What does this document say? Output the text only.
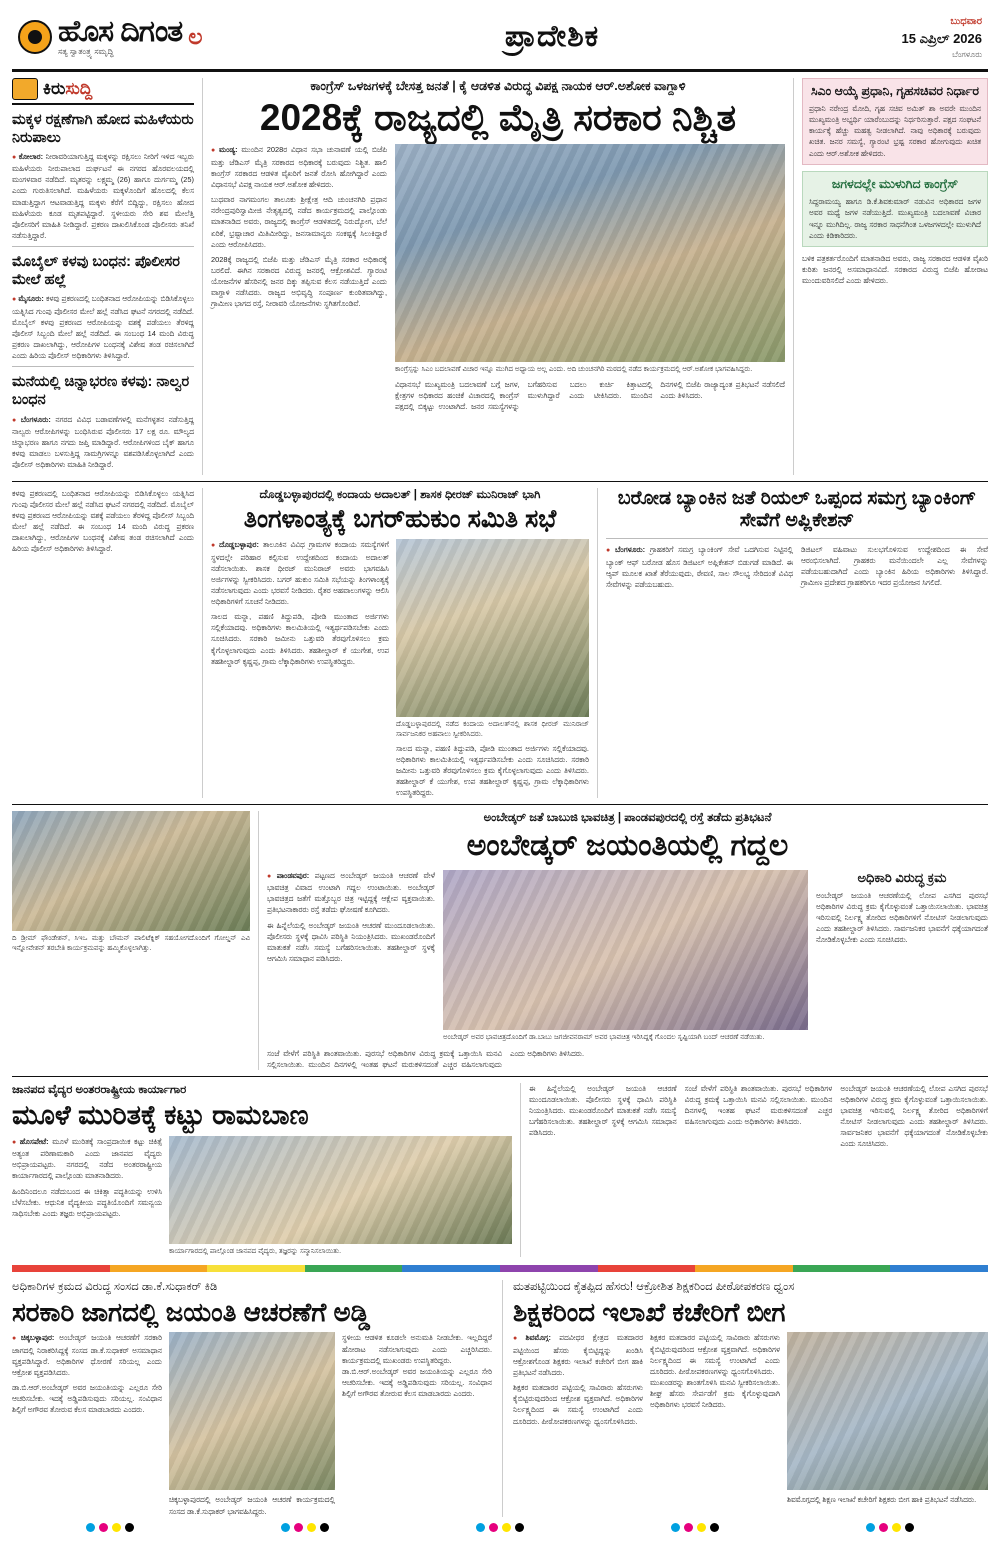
ಹೊಸ ದಿಗಂತ
ಸತ್ಯ ಸ್ವಾತಂತ್ರ್ಯ ಸಮೃದ್ಧಿ
ಲ	ಪ್ರಾದೇಶಿಕ	ಬುಧವಾರ
15 ಎಪ್ರಿಲ್ 2026
ಬೆಂಗಳೂರು
ಕಿರುಸುದ್ದಿ
ಮಕ್ಕಳ ರಕ್ಷಣೆಗಾಗಿ ಹೋದ ಮಹಿಳೆಯರು ನಿರುಪಾಲು

● ಕೋಲಾರ: ನೀರಾವರಿಯಾಗುತ್ತಿದ್ದ ಮಕ್ಕಳನ್ನು ರಕ್ಷಿಸಲು ನೀರಿಗೆ ಇಳಿದ ಇಬ್ಬರು ಮಹಿಳೆಯರು ನೀರುಪಾಲಾದ ದುರ್ಘಟನೆ ಈ ನಗರದ ಹೊರವಲಯದಲ್ಲಿ ಮಂಗಳವಾರ ನಡೆದಿದೆ. ಮೃತರನ್ನು ಲಕ್ಷ್ಮಮ್ಮ (26) ಹಾಗೂ ದುರ್ಗಮ್ಮ (25) ಎಂದು ಗುರುತಿಸಲಾಗಿದೆ. ಮಹಿಳೆಯರು ಮಕ್ಕಳೊಂದಿಗೆ ಹೊಲದಲ್ಲಿ ಕೆಲಸ ಮಾಡುತ್ತಿದ್ದಾಗ ಆಟವಾಡುತ್ತಿದ್ದ ಮಕ್ಕಳು ಕೆರೆಗೆ ಬಿದ್ದಿದ್ದು, ರಕ್ಷಿಸಲು ಹೋದ ಮಹಿಳೆಯರು ಕೂಡ ಮೃತಪಟ್ಟಿದ್ದಾರೆ. ಸ್ಥಳೀಯರು ಸೇರಿ ಶವ ಮೇಲೆತ್ತಿ ಪೊಲೀಸರಿಗೆ ಮಾಹಿತಿ ನೀಡಿದ್ದಾರೆ. ಪ್ರಕರಣ ದಾಖಲಿಸಿಕೊಂಡ ಪೊಲೀಸರು ತನಿಖೆ ನಡೆಸುತ್ತಿದ್ದಾರೆ.

ಮೊಬೈಲ್ ಕಳವು ಬಂಧನ: ಪೊಲೀಸರ ಮೇಲೆ ಹಲ್ಲೆ

● ಮೈಸೂರು: ಕಳವು ಪ್ರಕರಣದಲ್ಲಿ ಬಂಧಿತನಾದ ಆರೋಪಿಯನ್ನು ಬಿಡಿಸಿಕೊಳ್ಳಲು ಯತ್ನಿಸಿದ ಗುಂಪು ಪೊಲೀಸರ ಮೇಲೆ ಹಲ್ಲೆ ನಡೆಸಿದ ಘಟನೆ ನಗರದಲ್ಲಿ ನಡೆದಿದೆ. ಮೊಬೈಲ್ ಕಳವು ಪ್ರಕರಣದ ಆರೋಪಿಯನ್ನು ವಶಕ್ಕೆ ಪಡೆಯಲು ತೆರಳಿದ್ದ ಪೊಲೀಸ್ ಸಿಬ್ಬಂದಿ ಮೇಲೆ ಹಲ್ಲೆ ನಡೆದಿದೆ. ಈ ಸಂಬಂಧ 14 ಮಂದಿ ವಿರುದ್ಧ ಪ್ರಕರಣ ದಾಖಲಾಗಿದ್ದು, ಆರೋಪಿಗಳ ಬಂಧನಕ್ಕೆ ವಿಶೇಷ ತಂಡ ರಚಿಸಲಾಗಿದೆ ಎಂದು ಹಿರಿಯ ಪೊಲೀಸ್ ಅಧಿಕಾರಿಗಳು ತಿಳಿಸಿದ್ದಾರೆ.

ಮನೆಯಲ್ಲಿ ಚಿನ್ನಾಭರಣ ಕಳವು: ನಾಲ್ವರ ಬಂಧನ

● ಬೆಂಗಳೂರು: ನಗರದ ವಿವಿಧ ಬಡಾವಣೆಗಳಲ್ಲಿ ಮನೆಗಳ್ಳತನ ನಡೆಸುತ್ತಿದ್ದ ನಾಲ್ವರು ಆರೋಪಿಗಳನ್ನು ಬಂಧಿಸಿರುವ ಪೊಲೀಸರು 17 ಲಕ್ಷ ರೂ. ಮೌಲ್ಯದ ಚಿನ್ನಾಭರಣ ಹಾಗೂ ನಗದು ಜಪ್ತಿ ಮಾಡಿದ್ದಾರೆ. ಆರೋಪಿಗಳಿಂದ ಬೈಕ್ ಹಾಗೂ ಕಳವು ಮಾಡಲು ಬಳಸುತ್ತಿದ್ದ ಸಾಮಗ್ರಿಗಳನ್ನೂ ವಶಪಡಿಸಿಕೊಳ್ಳಲಾಗಿದೆ ಎಂದು ಪೊಲೀಸ್ ಅಧಿಕಾರಿಗಳು ಮಾಹಿತಿ ನೀಡಿದ್ದಾರೆ.

ಕಾಂಗ್ರೆಸ್ ಒಳಜಗಳಕ್ಕೆ ಬೇಸತ್ತ ಜನತೆ | ಕೈ ಆಡಳಿತ ವಿರುದ್ಧ ವಿಪಕ್ಷ ನಾಯಕ ಆರ್.ಅಶೋಕ ವಾಗ್ದಾಳಿ
2028ಕ್ಕೆ ರಾಜ್ಯದಲ್ಲಿ ಮೈತ್ರಿ ಸರಕಾರ ನಿಶ್ಚಿತ

● ಮಂಡ್ಯ: ಮುಂದಿನ 2028ರ ವಿಧಾನ ಸಭಾ ಚುನಾವಣೆ ಯಲ್ಲಿ ಬಿಜೆಪಿ ಮತ್ತು ಜೆಡಿಎಸ್ ಮೈತ್ರಿ ಸರಕಾರದ ಅಧಿಕಾರಕ್ಕೆ ಬರುವುದು ನಿಶ್ಚಿತ. ಹಾಲಿ ಕಾಂಗ್ರೆಸ್ ಸರಕಾರದ ಆಡಳಿತ ವೈಖರಿಗೆ ಜನತೆ ರೋಸಿ ಹೋಗಿದ್ದಾರೆ ಎಂದು ವಿಧಾನಸಭೆ ವಿಪಕ್ಷ ನಾಯಕ ಆರ್.ಅಶೋಕ ಹೇಳಿದರು.

ಬುಧವಾರ ನಾಗಮಂಗಲ ತಾಲೂಕು ಶ್ರೀಕ್ಷೇತ್ರ ಆದಿ ಚುಂಚನಗಿರಿ ಪ್ರಧಾನ ನರೇಂದ್ರಪುರಿಸ್ವಾಮೀಜಿ ನೇತೃತ್ವದಲ್ಲಿ ನಡೆದ ಕಾರ್ಯಕ್ರಮದಲ್ಲಿ ಪಾಲ್ಗೊಂಡು ಮಾತನಾಡಿದ ಅವರು, ರಾಜ್ಯದಲ್ಲಿ ಕಾಂಗ್ರೆಸ್ ಆಡಳಿತದಲ್ಲಿ ನಿರುದ್ಯೋಗ, ಬೆಲೆ ಏರಿಕೆ, ಭ್ರಷ್ಟಾಚಾರ ಮಿತಿಮೀರಿದ್ದು, ಜನಸಾಮಾನ್ಯರು ಸಂಕಷ್ಟಕ್ಕೆ ಸಿಲುಕಿದ್ದಾರೆ ಎಂದು ಆರೋಪಿಸಿದರು.

2028ಕ್ಕೆ ರಾಜ್ಯದಲ್ಲಿ ಬಿಜೆಪಿ ಮತ್ತು ಜೆಡಿಎಸ್ ಮೈತ್ರಿ ಸರಕಾರ ಅಧಿಕಾರಕ್ಕೆ ಬರಲಿದೆ. ಈಗಿನ ಸರಕಾರದ ವಿರುದ್ಧ ಜನರಲ್ಲಿ ಆಕ್ರೋಶವಿದೆ. ಗ್ಯಾರಂಟಿ ಯೋಜನೆಗಳ ಹೆಸರಿನಲ್ಲಿ ಜನರ ದಿಕ್ಕು ತಪ್ಪಿಸುವ ಕೆಲಸ ನಡೆಯುತ್ತಿದೆ ಎಂದು ವಾಗ್ದಾಳಿ ನಡೆಸಿದರು. ರಾಜ್ಯದ ಅಭಿವೃದ್ಧಿ ಸಂಪೂರ್ಣ ಕುಂಠಿತವಾಗಿದ್ದು, ಗ್ರಾಮೀಣ ಭಾಗದ ರಸ್ತೆ, ನೀರಾವರಿ ಯೋಜನೆಗಳು ಸ್ಥಗಿತಗೊಂಡಿವೆ.

ಕಾಂಗ್ರೆಸ್ಸನ್ನು ಸಿಎಂ ಬದಲಾವಣೆ ವಿಚಾರ ಇನ್ನೂ ಮುಗಿದ ಅಧ್ಯಾಯ ಅಲ್ಲ ಎಂದು. ಅದಿ ಚುಂಚನಗಿರಿ ಮಠದಲ್ಲಿ ನಡೆದ ಕಾರ್ಯಕ್ರಮದಲ್ಲಿ ಆರ್.ಅಶೋಕ ಭಾಗವಹಿಸಿದ್ದರು.

ವಿಧಾನಸಭೆ ಮುಖ್ಯಮಂತ್ರಿ ಬದಲಾವಣೆ ಬಗ್ಗೆ ಜಗಳ, ಕ್ಷೇತ್ರಗಳ ಅಧಿಕಾರದ ಹಂಚಿಕೆ ವಿಚಾರದಲ್ಲಿ ಕಾಂಗ್ರೆಸ್ ಪಕ್ಷದಲ್ಲಿ ಬಿಕ್ಕಟ್ಟು ಉಂಟಾಗಿದೆ. ಜನರ ಸಮಸ್ಯೆಗಳನ್ನು ಬಗೆಹರಿಸುವ ಬದಲು ಕುರ್ಚಿ ಕಿತ್ತಾಟದಲ್ಲಿ ಮುಳುಗಿದ್ದಾರೆ ಎಂದು ಟೀಕಿಸಿದರು. ಮುಂದಿನ ದಿನಗಳಲ್ಲಿ ಬಿಜೆಪಿ ರಾಜ್ಯಾದ್ಯಂತ ಪ್ರತಿಭಟನೆ ನಡೆಸಲಿದೆ ಎಂದು ತಿಳಿಸಿದರು.

ಸಿಎಂ ಆಯ್ಕೆ ಪ್ರಧಾನಿ, ಗೃಹಸಚಿವರ ನಿರ್ಧಾರ
ಪ್ರಧಾನಿ ನರೇಂದ್ರ ಮೋದಿ, ಗೃಹ ಸಚಿವ ಅಮಿತ್ ಶಾ ಅವರೇ ಮುಂದಿನ ಮುಖ್ಯಮಂತ್ರಿ ಅಭ್ಯರ್ಥಿ ಯಾರೆಂಬುದನ್ನು ನಿರ್ಧರಿಸುತ್ತಾರೆ. ಪಕ್ಷದ ಸಂಘಟನೆ ಕಾರ್ಯಕ್ಕೆ ಹೆಚ್ಚು ಮಹತ್ವ ನೀಡಲಾಗಿದೆ. ನಾವು ಅಧಿಕಾರಕ್ಕೆ ಬರುವುದು ಖಚಿತ. ಜನರ ಸಮಸ್ಯೆ, ಗ್ಯಾರಂಟಿ ಭ್ರಷ್ಟ ಸರಕಾರ ಹೋಗುವುದು ಖಚಿತ ಎಂದು ಆರ್.ಅಶೋಕ ಹೇಳಿದರು.
ಜಗಳದಲ್ಲೇ ಮುಳುಗಿದ ಕಾಂಗ್ರೆಸ್
ಸಿದ್ದರಾಮಯ್ಯ ಹಾಗೂ ಡಿ.ಕೆ.ಶಿವಕುಮಾರ್ ನಡುವಿನ ಅಧಿಕಾರದ ಜಗಳ ಅವರ ಮಧ್ಯೆ ಜಗಳ ನಡೆಯುತ್ತಿದೆ. ಮುಖ್ಯಮಂತ್ರಿ ಬದಲಾವಣೆ ವಿಚಾರ ಇನ್ನೂ ಮುಗಿದಿಲ್ಲ. ರಾಜ್ಯ ಸರಕಾರ ಸಾಧನೆಗಿಂತ ಒಳಜಗಳದಲ್ಲೇ ಮುಳುಗಿದೆ ಎಂದು ಕಿಡಿಕಾರಿದರು.
ಬಳಿಕ ಪತ್ರಕರ್ತರೊಂದಿಗೆ ಮಾತನಾಡಿದ ಅವರು, ರಾಜ್ಯ ಸರಕಾರದ ಆಡಳಿತ ವೈಖರಿ ಕುರಿತು ಜನರಲ್ಲಿ ಅಸಮಾಧಾನವಿದೆ. ಸರಕಾರದ ವಿರುದ್ಧ ಬಿಜೆಪಿ ಹೋರಾಟ ಮುಂದುವರಿಸಲಿದೆ ಎಂದು ಹೇಳಿದರು.

ಕಳವು ಪ್ರಕರಣದಲ್ಲಿ ಬಂಧಿತನಾದ ಆರೋಪಿಯನ್ನು ಬಿಡಿಸಿಕೊಳ್ಳಲು ಯತ್ನಿಸಿದ ಗುಂಪು ಪೊಲೀಸರ ಮೇಲೆ ಹಲ್ಲೆ ನಡೆಸಿದ ಘಟನೆ ನಗರದಲ್ಲಿ ನಡೆದಿದೆ. ಮೊಬೈಲ್ ಕಳವು ಪ್ರಕರಣದ ಆರೋಪಿಯನ್ನು ವಶಕ್ಕೆ ಪಡೆಯಲು ತೆರಳಿದ್ದ ಪೊಲೀಸ್ ಸಿಬ್ಬಂದಿ ಮೇಲೆ ಹಲ್ಲೆ ನಡೆದಿದೆ. ಈ ಸಂಬಂಧ 14 ಮಂದಿ ವಿರುದ್ಧ ಪ್ರಕರಣ ದಾಖಲಾಗಿದ್ದು, ಆರೋಪಿಗಳ ಬಂಧನಕ್ಕೆ ವಿಶೇಷ ತಂಡ ರಚಿಸಲಾಗಿದೆ ಎಂದು ಹಿರಿಯ ಪೊಲೀಸ್ ಅಧಿಕಾರಿಗಳು ತಿಳಿಸಿದ್ದಾರೆ.

ದೊಡ್ಡಬಳ್ಳಾಪುರದಲ್ಲಿ ಕಂದಾಯ ಅದಾಲತ್ | ಶಾಸಕ ಧೀರಜ್ ಮುನಿರಾಜ್ ಭಾಗಿ
ತಿಂಗಳಾಂತ್ಯಕ್ಕೆ ಬಗರ್‌ಹುಕುಂ ಸಮಿತಿ ಸಭೆ

● ದೊಡ್ಡಬಳ್ಳಾಪುರ: ತಾಲೂಕಿನ ವಿವಿಧ ಗ್ರಾಮಗಳ ಕಂದಾಯ ಸಮಸ್ಯೆಗಳಿಗೆ ಸ್ಥಳದಲ್ಲೇ ಪರಿಹಾರ ಕಲ್ಪಿಸುವ ಉದ್ದೇಶದಿಂದ ಕಂದಾಯ ಅದಾಲತ್ ನಡೆಸಲಾಯಿತು. ಶಾಸಕ ಧೀರಜ್ ಮುನಿರಾಜ್ ಅವರು ಭಾಗವಹಿಸಿ ಅರ್ಜಿಗಳನ್ನು ಸ್ವೀಕರಿಸಿದರು. ಬಗರ್ ಹುಕುಂ ಸಮಿತಿ ಸಭೆಯನ್ನು ತಿಂಗಳಾಂತ್ಯಕ್ಕೆ ನಡೆಸಲಾಗುವುದು ಎಂದು ಭರವಸೆ ನೀಡಿದರು. ರೈತರ ಅಹವಾಲುಗಳನ್ನು ಆಲಿಸಿ ಅಧಿಕಾರಿಗಳಿಗೆ ಸೂಚನೆ ನೀಡಿದರು.

ಸಾಲದ ಮನ್ನಾ, ಪಹಣಿ ತಿದ್ದುಪಡಿ, ಪೋಡಿ ಮುಂತಾದ ಅರ್ಜಿಗಳು ಸಲ್ಲಿಕೆಯಾದವು. ಅಧಿಕಾರಿಗಳು ಕಾಲಮಿತಿಯಲ್ಲಿ ಇತ್ಯರ್ಥಪಡಿಸಬೇಕು ಎಂದು ಸೂಚಿಸಿದರು. ಸರಕಾರಿ ಜಮೀನು ಒತ್ತುವರಿ ತೆರವುಗೊಳಿಸಲು ಕ್ರಮ ಕೈಗೊಳ್ಳಲಾಗುವುದು ಎಂದು ತಿಳಿಸಿದರು. ತಹಶೀಲ್ದಾರ್ ಕೆ ಯುಗೇಶ, ಉಪ ತಹಶೀಲ್ದಾರ್ ಕೃಷ್ಣಪ್ಪ, ಗ್ರಾಮ ಲೆಕ್ಕಾಧಿಕಾರಿಗಳು ಉಪಸ್ಥಿತರಿದ್ದರು.

ದೊಡ್ಡಬಳ್ಳಾಪುರದಲ್ಲಿ ನಡೆದ ಕಂದಾಯ ಅದಾಲತ್‌ನಲ್ಲಿ ಶಾಸಕ ಧೀರಜ್ ಮುನಿರಾಜ್ ಸಾರ್ವಜನಿಕರ ಅಹವಾಲು ಸ್ವೀಕರಿಸಿದರು.
ಸಾಲದ ಮನ್ನಾ, ಪಹಣಿ ತಿದ್ದುಪಡಿ, ಪೋಡಿ ಮುಂತಾದ ಅರ್ಜಿಗಳು ಸಲ್ಲಿಕೆಯಾದವು. ಅಧಿಕಾರಿಗಳು ಕಾಲಮಿತಿಯಲ್ಲಿ ಇತ್ಯರ್ಥಪಡಿಸಬೇಕು ಎಂದು ಸೂಚಿಸಿದರು. ಸರಕಾರಿ ಜಮೀನು ಒತ್ತುವರಿ ತೆರವುಗೊಳಿಸಲು ಕ್ರಮ ಕೈಗೊಳ್ಳಲಾಗುವುದು ಎಂದು ತಿಳಿಸಿದರು. ತಹಶೀಲ್ದಾರ್ ಕೆ ಯುಗೇಶ, ಉಪ ತಹಶೀಲ್ದಾರ್ ಕೃಷ್ಣಪ್ಪ, ಗ್ರಾಮ ಲೆಕ್ಕಾಧಿಕಾರಿಗಳು ಉಪಸ್ಥಿತರಿದ್ದರು.
ಬರೋಡ ಬ್ಯಾಂಕಿನ ಜತೆ ರಿಯಲ್ ಒಪ್ಪಂದ ಸಮಗ್ರ ಬ್ಯಾಂಕಿಂಗ್ ಸೇವೆಗೆ ಅಪ್ಲಿಕೇಶನ್

● ಬೆಂಗಳೂರು: ಗ್ರಾಹಕರಿಗೆ ಸಮಗ್ರ ಬ್ಯಾಂಕಿಂಗ್ ಸೇವೆ ಒದಗಿಸುವ ನಿಟ್ಟಿನಲ್ಲಿ ಬ್ಯಾಂಕ್ ಆಫ್ ಬರೋಡ ಹೊಸ ಡಿಜಿಟಲ್ ಅಪ್ಲಿಕೇಶನ್ ಬಿಡುಗಡೆ ಮಾಡಿದೆ. ಈ ಆ್ಯಪ್ ಮೂಲಕ ಖಾತೆ ತೆರೆಯುವುದು, ಠೇವಣಿ, ಸಾಲ ಸೌಲಭ್ಯ ಸೇರಿದಂತೆ ವಿವಿಧ ಸೇವೆಗಳನ್ನು ಪಡೆಯಬಹುದು.

ಡಿಜಿಟಲ್ ವಹಿವಾಟು ಸುಲಭಗೊಳಿಸುವ ಉದ್ದೇಶದಿಂದ ಈ ಸೇವೆ ಆರಂಭಿಸಲಾಗಿದೆ. ಗ್ರಾಹಕರು ಮನೆಯಿಂದಲೇ ಎಲ್ಲ ಸೇವೆಗಳನ್ನು ಪಡೆಯಬಹುದಾಗಿದೆ ಎಂದು ಬ್ಯಾಂಕಿನ ಹಿರಿಯ ಅಧಿಕಾರಿಗಳು ತಿಳಿಸಿದ್ದಾರೆ. ಗ್ರಾಮೀಣ ಪ್ರದೇಶದ ಗ್ರಾಹಕರಿಗೂ ಇದರ ಪ್ರಯೋಜನ ಸಿಗಲಿದೆ.

ದಿ ಡ್ರೀಮ್ ಫೌಂಡೇಶನ್, ಸಿಇಒ ಮತ್ತು ಬೌಮನ್ ಪಾಲಿಟೆಕ್ನಿಕ್ ಸಹಯೋಗದೊಂದಿಗೆ ಗೋಲ್ಡನ್ ಎವಿ ಇನ್ನೋವೇಶನ್ ತರಬೇತಿ ಕಾರ್ಯಕ್ರಮವನ್ನು ಹಮ್ಮಿಕೊಳ್ಳಲಾಗಿತ್ತು.
ಅಂಬೇಡ್ಕರ್ ಜತೆ ಬಾಬುಜಿ ಭಾವಚಿತ್ರ | ಪಾಂಡವಪುರದಲ್ಲಿ ರಸ್ತೆ ತಡೆದು ಪ್ರತಿಭಟನೆ
ಅಂಬೇಡ್ಕರ್ ಜಯಂತಿಯಲ್ಲಿ ಗದ್ದಲ

● ಪಾಂಡವಪುರ: ಪಟ್ಟಣದ ಅಂಬೇಡ್ಕರ್ ಜಯಂತಿ ಆಚರಣೆ ವೇಳೆ ಭಾವಚಿತ್ರ ವಿವಾದ ಉಂಟಾಗಿ ಗದ್ದಲ ಉಂಟಾಯಿತು. ಅಂಬೇಡ್ಕರ್ ಭಾವಚಿತ್ರದ ಜತೆಗೆ ಮತ್ತೊಬ್ಬರ ಚಿತ್ರ ಇಟ್ಟಿದ್ದಕ್ಕೆ ಆಕ್ಷೇಪ ವ್ಯಕ್ತವಾಯಿತು. ಪ್ರತಿಭಟನಾಕಾರರು ರಸ್ತೆ ತಡೆದು ಘೋಷಣೆ ಕೂಗಿದರು.

ಈ ಹಿನ್ನೆಲೆಯಲ್ಲಿ ಅಂಬೇಡ್ಕರ್ ಜಯಂತಿ ಆಚರಣೆ ಮುಂದೂಡಲಾಯಿತು. ಪೊಲೀಸರು ಸ್ಥಳಕ್ಕೆ ಧಾವಿಸಿ ಪರಿಸ್ಥಿತಿ ನಿಯಂತ್ರಿಸಿದರು. ಮುಖಂಡರೊಂದಿಗೆ ಮಾತುಕತೆ ನಡೆಸಿ ಸಮಸ್ಯೆ ಬಗೆಹರಿಸಲಾಯಿತು. ತಹಶೀಲ್ದಾರ್ ಸ್ಥಳಕ್ಕೆ ಆಗಮಿಸಿ ಸಮಾಧಾನ ಪಡಿಸಿದರು.

ಅಂಬೇಡ್ಕರ್ ಅವರ ಭಾವಚಿತ್ರದೊಂದಿಗೆ ಡಾ.ಬಾಬು ಜಗಜೀವನರಾಮ್ ಅವರ ಭಾವಚಿತ್ರ ಇರಿಸಿದ್ದಕ್ಕೆ ಗೊಂದಲ ಸೃಷ್ಟಿಯಾಗಿ ಬಂದ್ ಆಚರಣೆ ನಡೆಯಿತು.
ಅಧಿಕಾರಿ ವಿರುದ್ಧ ಕ್ರಮ
ಅಂಬೇಡ್ಕರ್ ಜಯಂತಿ ಆಚರಣೆಯಲ್ಲಿ ಲೋಪ ಎಸಗಿದ ಪುರಸಭೆ ಅಧಿಕಾರಿಗಳ ವಿರುದ್ಧ ಕ್ರಮ ಕೈಗೊಳ್ಳುವಂತೆ ಒತ್ತಾಯಿಸಲಾಯಿತು. ಭಾವಚಿತ್ರ ಇರಿಸುವಲ್ಲಿ ನಿರ್ಲಕ್ಷ್ಯ ತೋರಿದ ಅಧಿಕಾರಿಗಳಿಗೆ ನೋಟಿಸ್ ನೀಡಲಾಗುವುದು ಎಂದು ತಹಶೀಲ್ದಾರ್ ತಿಳಿಸಿದರು. ಸಾರ್ವಜನಿಕರ ಭಾವನೆಗೆ ಧಕ್ಕೆಯಾಗದಂತೆ ನೋಡಿಕೊಳ್ಳಬೇಕು ಎಂದು ಸೂಚಿಸಿದರು.

ಸಂಜೆ ವೇಳೆಗೆ ಪರಿಸ್ಥಿತಿ ಶಾಂತವಾಯಿತು. ಪುರಸಭೆ ಅಧಿಕಾರಿಗಳ ವಿರುದ್ಧ ಕ್ರಮಕ್ಕೆ ಒತ್ತಾಯಿಸಿ ಮನವಿ ಸಲ್ಲಿಸಲಾಯಿತು. ಮುಂದಿನ ದಿನಗಳಲ್ಲಿ ಇಂತಹ ಘಟನೆ ಮರುಕಳಿಸದಂತೆ ಎಚ್ಚರ ವಹಿಸಲಾಗುವುದು ಎಂದು ಅಧಿಕಾರಿಗಳು ತಿಳಿಸಿದರು.

ಜಾನಪದ ವೈದ್ಯರ ಅಂತರರಾಷ್ಟ್ರೀಯ ಕಾರ್ಯಾಗಾರ
ಮೂಳೆ ಮುರಿತಕ್ಕೆ ಕಟ್ಟು ರಾಮಬಾಣ

● ಹೊಸಪೇಟೆ: ಮೂಳೆ ಮುರಿತಕ್ಕೆ ಸಾಂಪ್ರದಾಯಿಕ ಕಟ್ಟು ಚಿಕಿತ್ಸೆ ಅತ್ಯಂತ ಪರಿಣಾಮಕಾರಿ ಎಂದು ಜಾನಪದ ವೈದ್ಯರು ಅಭಿಪ್ರಾಯಪಟ್ಟರು. ನಗರದಲ್ಲಿ ನಡೆದ ಅಂತರರಾಷ್ಟ್ರೀಯ ಕಾರ್ಯಾಗಾರದಲ್ಲಿ ಪಾಲ್ಗೊಂಡು ಮಾತನಾಡಿದರು.

ಹಿಂದಿನಿಂದಲೂ ನಡೆದುಬಂದ ಈ ಚಿಕಿತ್ಸಾ ಪದ್ಧತಿಯನ್ನು ಉಳಿಸಿ ಬೆಳೆಸಬೇಕು. ಆಧುನಿಕ ವೈದ್ಯಕೀಯ ಪದ್ಧತಿಯೊಂದಿಗೆ ಸಮನ್ವಯ ಸಾಧಿಸಬೇಕು ಎಂದು ತಜ್ಞರು ಅಭಿಪ್ರಾಯಪಟ್ಟರು.

ಕಾರ್ಯಾಗಾರದಲ್ಲಿ ಪಾಲ್ಗೊಂಡ ಜಾನಪದ ವೈದ್ಯರು, ತಜ್ಞರನ್ನು ಸನ್ಮಾನಿಸಲಾಯಿತು.

ಈ ಹಿನ್ನೆಲೆಯಲ್ಲಿ ಅಂಬೇಡ್ಕರ್ ಜಯಂತಿ ಆಚರಣೆ ಮುಂದೂಡಲಾಯಿತು. ಪೊಲೀಸರು ಸ್ಥಳಕ್ಕೆ ಧಾವಿಸಿ ಪರಿಸ್ಥಿತಿ ನಿಯಂತ್ರಿಸಿದರು. ಮುಖಂಡರೊಂದಿಗೆ ಮಾತುಕತೆ ನಡೆಸಿ ಸಮಸ್ಯೆ ಬಗೆಹರಿಸಲಾಯಿತು. ತಹಶೀಲ್ದಾರ್ ಸ್ಥಳಕ್ಕೆ ಆಗಮಿಸಿ ಸಮಾಧಾನ ಪಡಿಸಿದರು.

ಸಂಜೆ ವೇಳೆಗೆ ಪರಿಸ್ಥಿತಿ ಶಾಂತವಾಯಿತು. ಪುರಸಭೆ ಅಧಿಕಾರಿಗಳ ವಿರುದ್ಧ ಕ್ರಮಕ್ಕೆ ಒತ್ತಾಯಿಸಿ ಮನವಿ ಸಲ್ಲಿಸಲಾಯಿತು. ಮುಂದಿನ ದಿನಗಳಲ್ಲಿ ಇಂತಹ ಘಟನೆ ಮರುಕಳಿಸದಂತೆ ಎಚ್ಚರ ವಹಿಸಲಾಗುವುದು ಎಂದು ಅಧಿಕಾರಿಗಳು ತಿಳಿಸಿದರು.

ಅಂಬೇಡ್ಕರ್ ಜಯಂತಿ ಆಚರಣೆಯಲ್ಲಿ ಲೋಪ ಎಸಗಿದ ಪುರಸಭೆ ಅಧಿಕಾರಿಗಳ ವಿರುದ್ಧ ಕ್ರಮ ಕೈಗೊಳ್ಳುವಂತೆ ಒತ್ತಾಯಿಸಲಾಯಿತು. ಭಾವಚಿತ್ರ ಇರಿಸುವಲ್ಲಿ ನಿರ್ಲಕ್ಷ್ಯ ತೋರಿದ ಅಧಿಕಾರಿಗಳಿಗೆ ನೋಟಿಸ್ ನೀಡಲಾಗುವುದು ಎಂದು ತಹಶೀಲ್ದಾರ್ ತಿಳಿಸಿದರು. ಸಾರ್ವಜನಿಕರ ಭಾವನೆಗೆ ಧಕ್ಕೆಯಾಗದಂತೆ ನೋಡಿಕೊಳ್ಳಬೇಕು ಎಂದು ಸೂಚಿಸಿದರು.

ಅಧಿಕಾರಿಗಳ ಕ್ರಮದ ವಿರುದ್ಧ ಸಂಸದ ಡಾ.ಕೆ.ಸುಧಾಕರ್ ಕಿಡಿ
ಸರಕಾರಿ ಜಾಗದಲ್ಲಿ ಜಯಂತಿ ಆಚರಣೆಗೆ ಅಡ್ಡಿ

● ಚಿಕ್ಕಬಳ್ಳಾಪುರ: ಅಂಬೇಡ್ಕರ್ ಜಯಂತಿ ಆಚರಣೆಗೆ ಸರಕಾರಿ ಜಾಗದಲ್ಲಿ ನಿರಾಕರಿಸಿದ್ದಕ್ಕೆ ಸಂಸದ ಡಾ.ಕೆ.ಸುಧಾಕರ್ ಅಸಮಾಧಾನ ವ್ಯಕ್ತಪಡಿಸಿದ್ದಾರೆ. ಅಧಿಕಾರಿಗಳ ಧೋರಣೆ ಸರಿಯಲ್ಲ ಎಂದು ಆಕ್ರೋಶ ವ್ಯಕ್ತಪಡಿಸಿದರು.

ಡಾ.ಬಿ.ಆರ್.ಅಂಬೇಡ್ಕರ್ ಅವರ ಜಯಂತಿಯನ್ನು ಎಲ್ಲರೂ ಸೇರಿ ಆಚರಿಸಬೇಕು. ಇದಕ್ಕೆ ಅಡ್ಡಿಪಡಿಸುವುದು ಸರಿಯಲ್ಲ. ಸಂವಿಧಾನ ಶಿಲ್ಪಿಗೆ ಅಗೌರವ ತೋರುವ ಕೆಲಸ ಮಾಡಬಾರದು ಎಂದರು.

ಚಿಕ್ಕಬಳ್ಳಾಪುರದಲ್ಲಿ ಅಂಬೇಡ್ಕರ್ ಜಯಂತಿ ಆಚರಣೆ ಕಾರ್ಯಕ್ರಮದಲ್ಲಿ ಸಂಸದ ಡಾ.ಕೆ.ಸುಧಾಕರ್ ಭಾಗವಹಿಸಿದ್ದರು.
ಸ್ಥಳೀಯ ಆಡಳಿತ ಕೂಡಲೇ ಅನುಮತಿ ನೀಡಬೇಕು. ಇಲ್ಲದಿದ್ದರೆ ಹೋರಾಟ ನಡೆಸಲಾಗುವುದು ಎಂದು ಎಚ್ಚರಿಸಿದರು. ಕಾರ್ಯಕ್ರಮದಲ್ಲಿ ಮುಖಂಡರು ಉಪಸ್ಥಿತರಿದ್ದರು.
ಡಾ.ಬಿ.ಆರ್.ಅಂಬೇಡ್ಕರ್ ಅವರ ಜಯಂತಿಯನ್ನು ಎಲ್ಲರೂ ಸೇರಿ ಆಚರಿಸಬೇಕು. ಇದಕ್ಕೆ ಅಡ್ಡಿಪಡಿಸುವುದು ಸರಿಯಲ್ಲ. ಸಂವಿಧಾನ ಶಿಲ್ಪಿಗೆ ಅಗೌರವ ತೋರುವ ಕೆಲಸ ಮಾಡಬಾರದು ಎಂದರು.
ಮತಪಟ್ಟಿಯಿಂದ ಕೈತಪ್ಪಿದ ಹೆಸರು! ಆಕ್ರೋಶಿತ ಶಿಕ್ಷಕರಿಂದ ಪೀಠೋಪಕರಣ ಧ್ವಂಸ
ಶಿಕ್ಷಕರಿಂದ ಇಲಾಖೆ ಕಚೇರಿಗೆ ಬೀಗ

● ಶಿವಮೊಗ್ಗ: ಪದವೀಧರ ಕ್ಷೇತ್ರದ ಮತದಾರರ ಪಟ್ಟಿಯಿಂದ ಹೆಸರು ಕೈಬಿಟ್ಟಿದ್ದನ್ನು ಖಂಡಿಸಿ ಆಕ್ರೋಶಗೊಂಡ ಶಿಕ್ಷಕರು ಇಲಾಖೆ ಕಚೇರಿಗೆ ಬೀಗ ಹಾಕಿ ಪ್ರತಿಭಟನೆ ನಡೆಸಿದರು.

ಶಿಕ್ಷಕರ ಮತದಾರರ ಪಟ್ಟಿಯಲ್ಲಿ ಸಾವಿರಾರು ಹೆಸರುಗಳು ಕೈಬಿಟ್ಟಿರುವುದರಿಂದ ಆಕ್ರೋಶ ವ್ಯಕ್ತವಾಗಿದೆ. ಅಧಿಕಾರಿಗಳ ನಿರ್ಲಕ್ಷ್ಯದಿಂದ ಈ ಸಮಸ್ಯೆ ಉಂಟಾಗಿದೆ ಎಂದು ದೂರಿದರು. ಪೀಠೋಪಕರಣಗಳನ್ನು ಧ್ವಂಸಗೊಳಿಸಿದರು.

ಶಿಕ್ಷಕರ ಮತದಾರರ ಪಟ್ಟಿಯಲ್ಲಿ ಸಾವಿರಾರು ಹೆಸರುಗಳು ಕೈಬಿಟ್ಟಿರುವುದರಿಂದ ಆಕ್ರೋಶ ವ್ಯಕ್ತವಾಗಿದೆ. ಅಧಿಕಾರಿಗಳ ನಿರ್ಲಕ್ಷ್ಯದಿಂದ ಈ ಸಮಸ್ಯೆ ಉಂಟಾಗಿದೆ ಎಂದು ದೂರಿದರು. ಪೀಠೋಪಕರಣಗಳನ್ನು ಧ್ವಂಸಗೊಳಿಸಿದರು.
ಮುಖಂಡರನ್ನು ಶಾಂತಗೊಳಿಸಿ ಮನವಿ ಸ್ವೀಕರಿಸಲಾಯಿತು. ಶೀಘ್ರ ಹೆಸರು ಸೇರ್ಪಡೆಗೆ ಕ್ರಮ ಕೈಗೊಳ್ಳುವುದಾಗಿ ಅಧಿಕಾರಿಗಳು ಭರವಸೆ ನೀಡಿದರು.
ಶಿವಮೊಗ್ಗದಲ್ಲಿ ಶಿಕ್ಷಣ ಇಲಾಖೆ ಕಚೇರಿಗೆ ಶಿಕ್ಷಕರು ಬೀಗ ಹಾಕಿ ಪ್ರತಿಭಟನೆ ನಡೆಸಿದರು.
